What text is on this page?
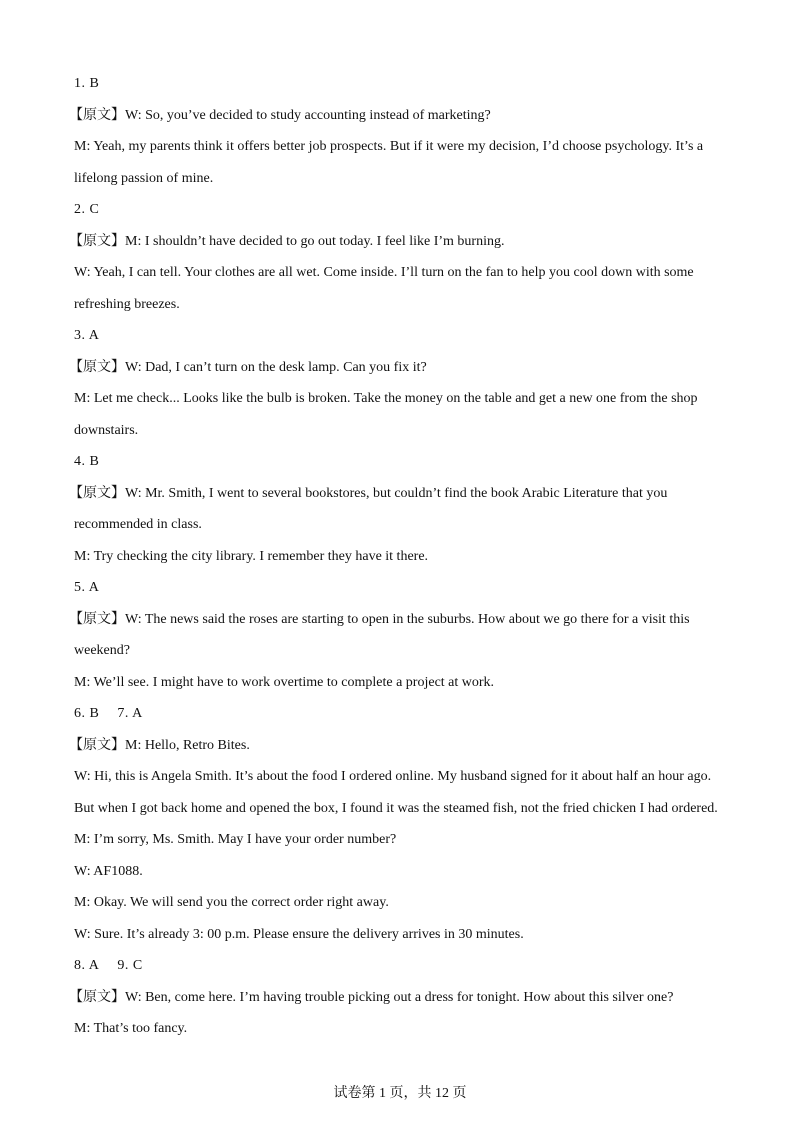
1. B
【原文】W: So, you’ve decided to study accounting instead of marketing?
M: Yeah, my parents think it offers better job prospects. But if it were my decision, I’d choose psychology. It’s a
lifelong passion of mine.
2. C
【原文】M: I shouldn’t have decided to go out today. I feel like I’m burning.
W: Yeah, I can tell. Your clothes are all wet. Come inside. I’ll turn on the fan to help you cool down with some
refreshing breezes.
3. A
【原文】W: Dad, I can’t turn on the desk lamp. Can you fix it?
M: Let me check... Looks like the bulb is broken. Take the money on the table and get a new one from the shop
downstairs.
4. B
【原文】W: Mr. Smith, I went to several bookstores, but couldn’t find the book Arabic Literature that you
recommended in class.
M: Try checking the city library. I remember they have it there.
5. A
【原文】W: The news said the roses are starting to open in the suburbs. How about we go there for a visit this
weekend?
M: We’ll see. I might have to work overtime to complete a project at work.
6. B 7. A
【原文】M: Hello, Retro Bites.
W: Hi, this is Angela Smith. It’s about the food I ordered online. My husband signed for it about half an hour ago.
But when I got back home and opened the box, I found it was the steamed fish, not the fried chicken I had ordered.
M: I’m sorry, Ms. Smith. May I have your order number?
W: AF1088.
M: Okay. We will send you the correct order right away.
W: Sure. It’s already 3: 00 p.m. Please ensure the delivery arrives in 30 minutes.
8. A 9. C
【原文】W: Ben, come here. I’m having trouble picking out a dress for tonight. How about this silver one?
M: That’s too fancy.
试卷第 1 页，共 12 页
